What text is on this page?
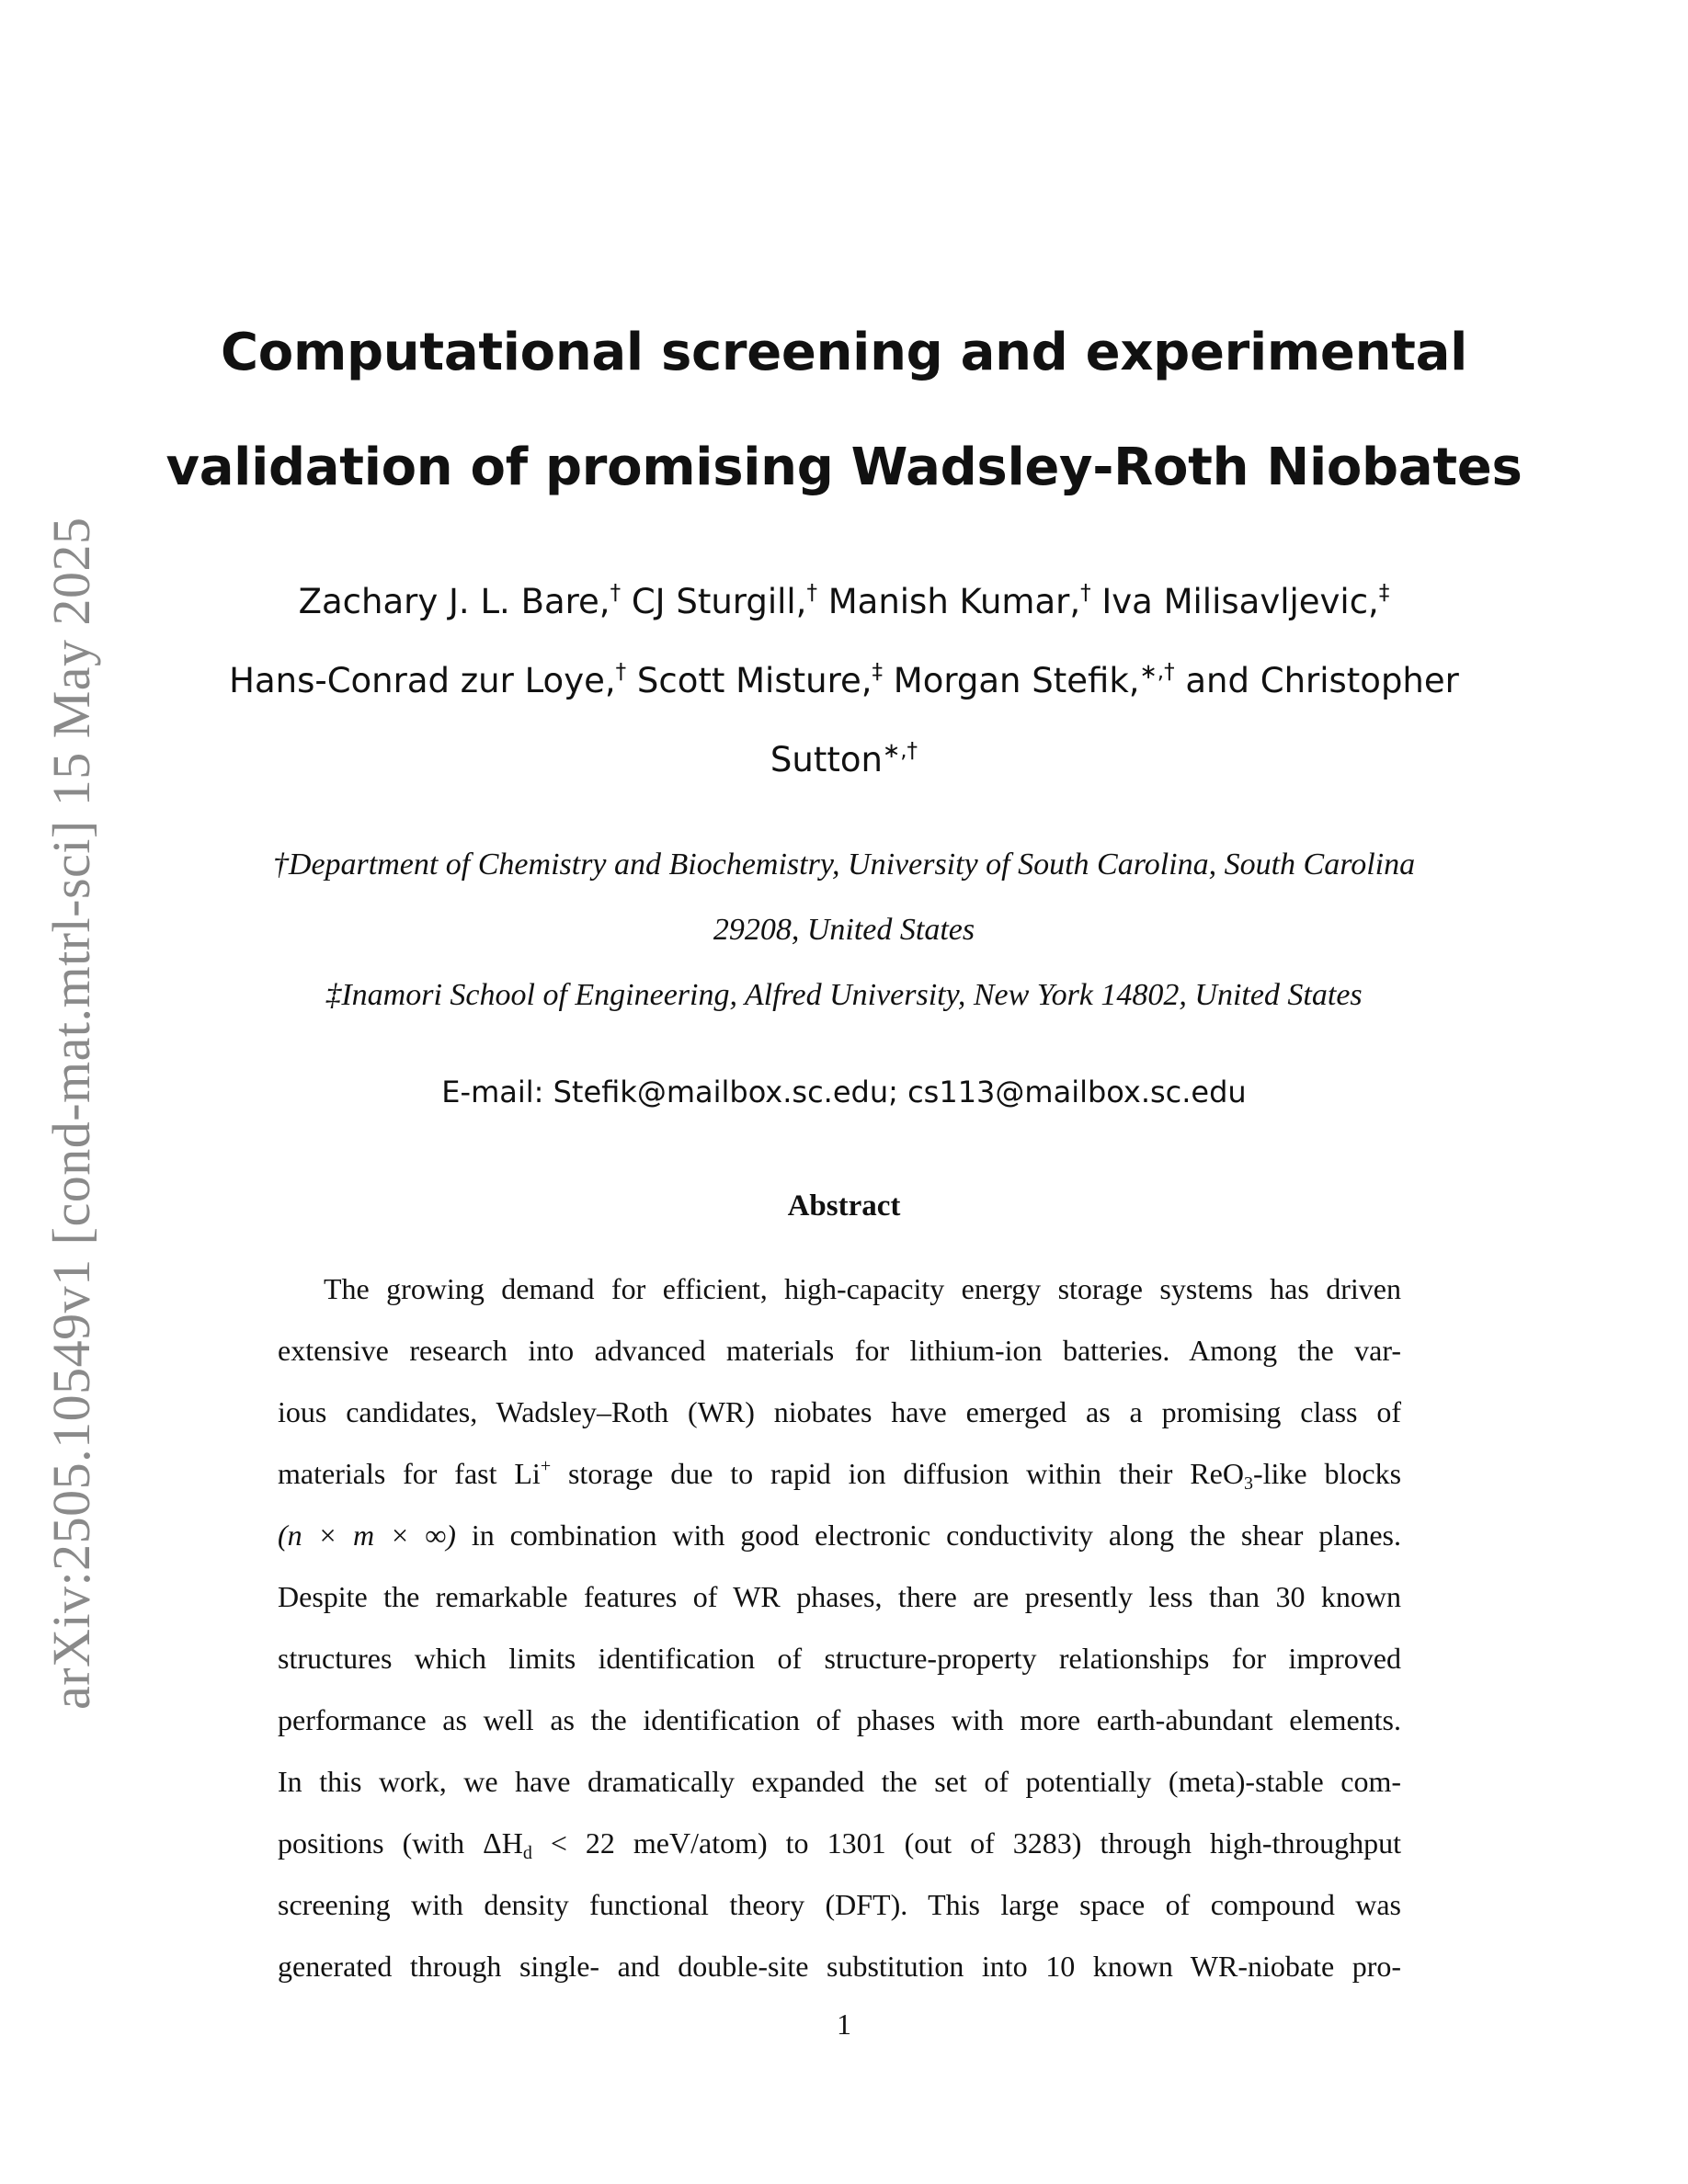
arXiv:2505.10549v1 [cond-mat.mtrl-sci] 15 May 2025
Computational screening and experimental
validation of promising Wadsley-Roth Niobates
Zachary J. L. Bare,† CJ Sturgill,† Manish Kumar,† Iva Milisavljevic,‡
Hans-Conrad zur Loye,† Scott Misture,‡ Morgan Stefik,∗,† and Christopher
Sutton∗,†
†Department of Chemistry and Biochemistry, University of South Carolina, South Carolina
29208, United States
‡Inamori School of Engineering, Alfred University, New York 14802, United States
E-mail: Stefik@mailbox.sc.edu; cs113@mailbox.sc.edu
Abstract
The growing demand for efficient, high-capacity energy storage systems has driven
extensive research into advanced materials for lithium-ion batteries. Among the var-
ious candidates, Wadsley–Roth (WR) niobates have emerged as a promising class of
materials for fast Li+ storage due to rapid ion diffusion within their ReO$_3$-like blocks
(n × m × ∞) in combination with good electronic conductivity along the shear planes.
Despite the remarkable features of WR phases, there are presently less than 30 known
structures which limits identification of structure-property relationships for improved
performance as well as the identification of phases with more earth-abundant elements.
In this work, we have dramatically expanded the set of potentially (meta)-stable com-
positions (with $\Delta H_d < 22$ meV/atom) to 1301 (out of 3283) through high-throughput
screening with density functional theory (DFT). This large space of compound was
generated through single- and double-site substitution into 10 known WR-niobate pro-
1
